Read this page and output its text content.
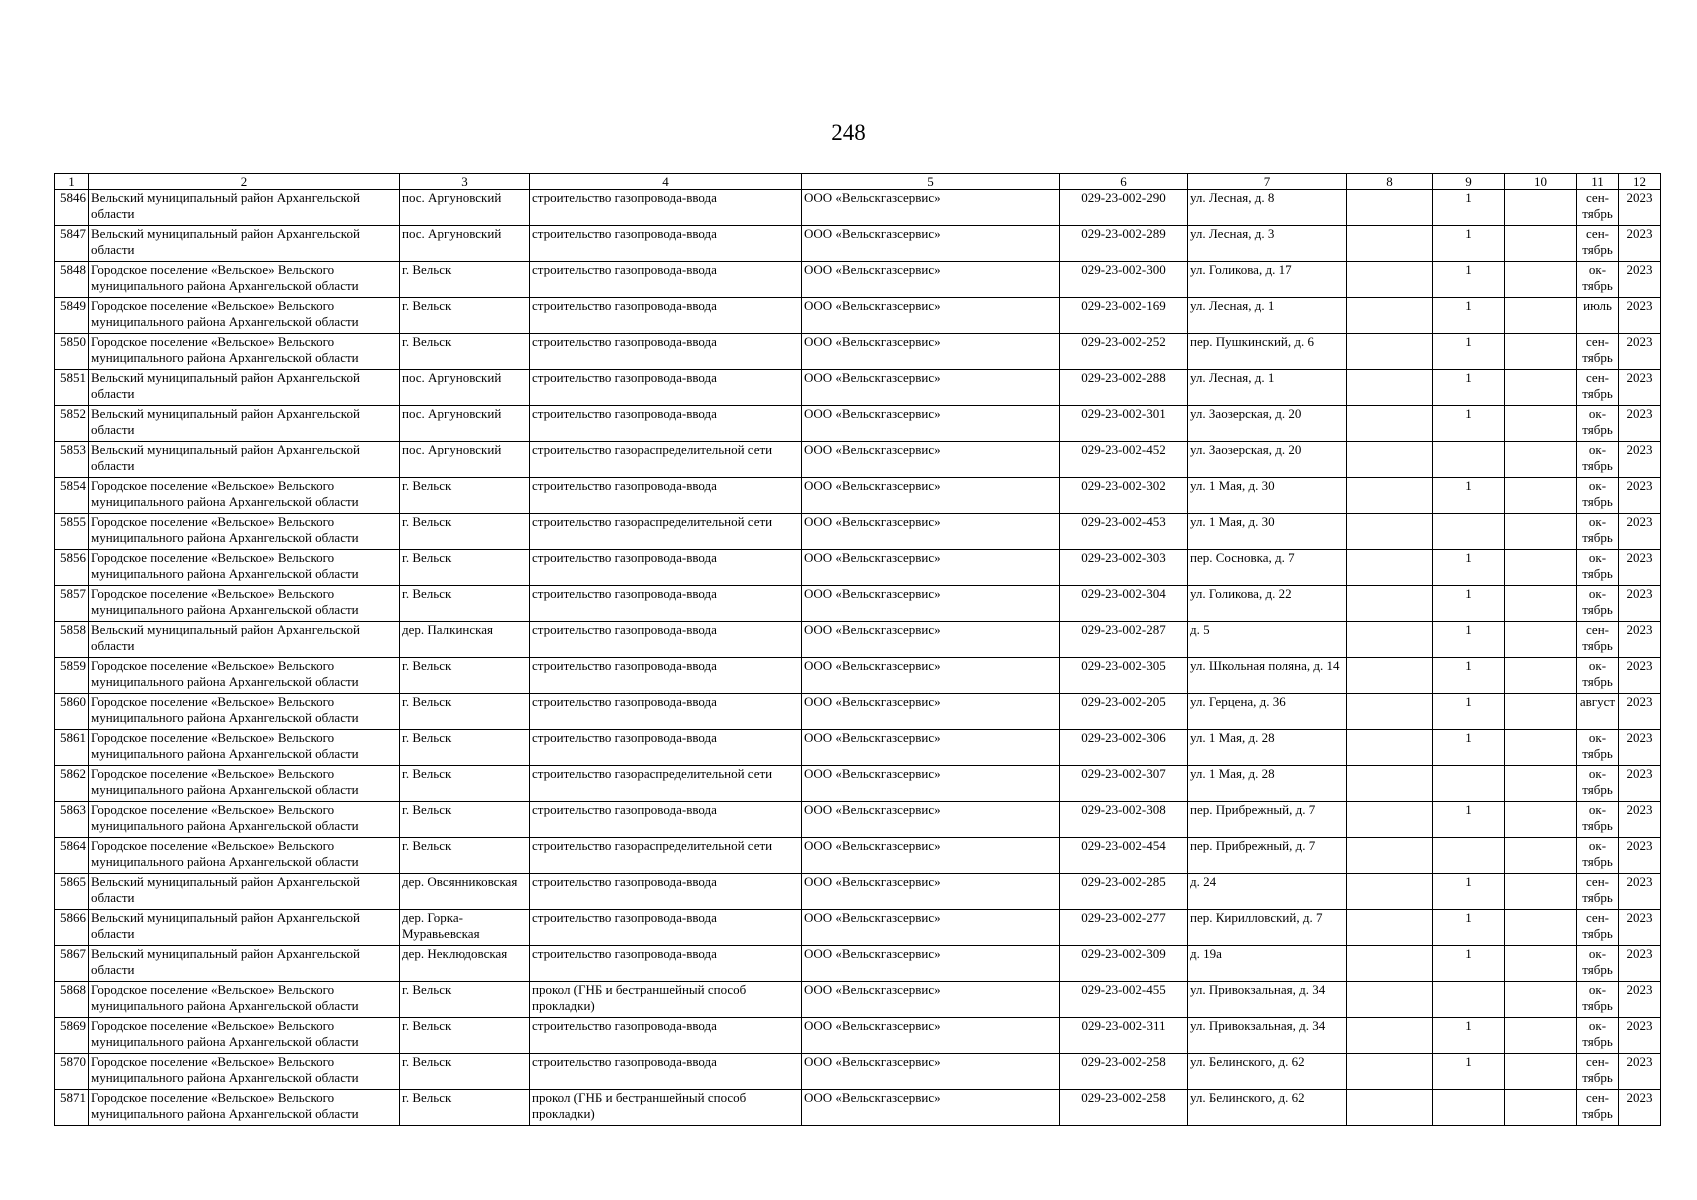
248
1	2	3	4	5	6	7	8	9	10	11	12
5846	Вельский муниципальный район Архангельской области	пос. Аргуновский	строительство газопровода-ввода	ООО «Вельскгазсервис»	029-23-002-290	ул. Лесная, д. 8		1		сен-тябрь	2023
5847	Вельский муниципальный район Архангельской области	пос. Аргуновский	строительство газопровода-ввода	ООО «Вельскгазсервис»	029-23-002-289	ул. Лесная, д. 3		1		сен-тябрь	2023
5848	Городское поселение «Вельское» Вельского муниципального района Архангельской области	г. Вельск	строительство газопровода-ввода	ООО «Вельскгазсервис»	029-23-002-300	ул. Голикова, д. 17		1		ок-тябрь	2023
5849	Городское поселение «Вельское» Вельского муниципального района Архангельской области	г. Вельск	строительство газопровода-ввода	ООО «Вельскгазсервис»	029-23-002-169	ул. Лесная, д. 1		1		июль	2023
5850	Городское поселение «Вельское» Вельского муниципального района Архангельской области	г. Вельск	строительство газопровода-ввода	ООО «Вельскгазсервис»	029-23-002-252	пер. Пушкинский, д. 6		1		сен-тябрь	2023
5851	Вельский муниципальный район Архангельской области	пос. Аргуновский	строительство газопровода-ввода	ООО «Вельскгазсервис»	029-23-002-288	ул. Лесная, д. 1		1		сен-тябрь	2023
5852	Вельский муниципальный район Архангельской области	пос. Аргуновский	строительство газопровода-ввода	ООО «Вельскгазсервис»	029-23-002-301	ул. Заозерская, д. 20		1		ок-тябрь	2023
5853	Вельский муниципальный район Архангельской области	пос. Аргуновский	строительство газораспределительной сети	ООО «Вельскгазсервис»	029-23-002-452	ул. Заозерская, д. 20				ок-тябрь	2023
5854	Городское поселение «Вельское» Вельского муниципального района Архангельской области	г. Вельск	строительство газопровода-ввода	ООО «Вельскгазсервис»	029-23-002-302	ул. 1 Мая, д. 30		1		ок-тябрь	2023
5855	Городское поселение «Вельское» Вельского муниципального района Архангельской области	г. Вельск	строительство газораспределительной сети	ООО «Вельскгазсервис»	029-23-002-453	ул. 1 Мая, д. 30				ок-тябрь	2023
5856	Городское поселение «Вельское» Вельского муниципального района Архангельской области	г. Вельск	строительство газопровода-ввода	ООО «Вельскгазсервис»	029-23-002-303	пер. Сосновка, д. 7		1		ок-тябрь	2023
5857	Городское поселение «Вельское» Вельского муниципального района Архангельской области	г. Вельск	строительство газопровода-ввода	ООО «Вельскгазсервис»	029-23-002-304	ул. Голикова, д. 22		1		ок-тябрь	2023
5858	Вельский муниципальный район Архангельской области	дер. Палкинская	строительство газопровода-ввода	ООО «Вельскгазсервис»	029-23-002-287	д. 5		1		сен-тябрь	2023
5859	Городское поселение «Вельское» Вельского муниципального района Архангельской области	г. Вельск	строительство газопровода-ввода	ООО «Вельскгазсервис»	029-23-002-305	ул. Школьная поляна, д. 14		1		ок-тябрь	2023
5860	Городское поселение «Вельское» Вельского муниципального района Архангельской области	г. Вельск	строительство газопровода-ввода	ООО «Вельскгазсервис»	029-23-002-205	ул. Герцена, д. 36		1		август	2023
5861	Городское поселение «Вельское» Вельского муниципального района Архангельской области	г. Вельск	строительство газопровода-ввода	ООО «Вельскгазсервис»	029-23-002-306	ул. 1 Мая, д. 28		1		ок-тябрь	2023
5862	Городское поселение «Вельское» Вельского муниципального района Архангельской области	г. Вельск	строительство газораспределительной сети	ООО «Вельскгазсервис»	029-23-002-307	ул. 1 Мая, д. 28				ок-тябрь	2023
5863	Городское поселение «Вельское» Вельского муниципального района Архангельской области	г. Вельск	строительство газопровода-ввода	ООО «Вельскгазсервис»	029-23-002-308	пер. Прибрежный, д. 7		1		ок-тябрь	2023
5864	Городское поселение «Вельское» Вельского муниципального района Архангельской области	г. Вельск	строительство газораспределительной сети	ООО «Вельскгазсервис»	029-23-002-454	пер. Прибрежный, д. 7				ок-тябрь	2023
5865	Вельский муниципальный район Архангельской области	дер. Овсянниковская	строительство газопровода-ввода	ООО «Вельскгазсервис»	029-23-002-285	д. 24		1		сен-тябрь	2023
5866	Вельский муниципальный район Архангельской области	дер. Горка-Муравьевская	строительство газопровода-ввода	ООО «Вельскгазсервис»	029-23-002-277	пер. Кирилловский, д. 7		1		сен-тябрь	2023
5867	Вельский муниципальный район Архангельской области	дер. Неклюдовская	строительство газопровода-ввода	ООО «Вельскгазсервис»	029-23-002-309	д. 19а		1		ок-тябрь	2023
5868	Городское поселение «Вельское» Вельского муниципального района Архангельской области	г. Вельск	прокол (ГНБ и бестраншейный способ прокладки)	ООО «Вельскгазсервис»	029-23-002-455	ул. Привокзальная, д. 34				ок-тябрь	2023
5869	Городское поселение «Вельское» Вельского муниципального района Архангельской области	г. Вельск	строительство газопровода-ввода	ООО «Вельскгазсервис»	029-23-002-311	ул. Привокзальная, д. 34		1		ок-тябрь	2023
5870	Городское поселение «Вельское» Вельского муниципального района Архангельской области	г. Вельск	строительство газопровода-ввода	ООО «Вельскгазсервис»	029-23-002-258	ул. Белинского, д. 62		1		сен-тябрь	2023
5871	Городское поселение «Вельское» Вельского муниципального района Архангельской области	г. Вельск	прокол (ГНБ и бестраншейный способ прокладки)	ООО «Вельскгазсервис»	029-23-002-258	ул. Белинского, д. 62				сен-тябрь	2023
